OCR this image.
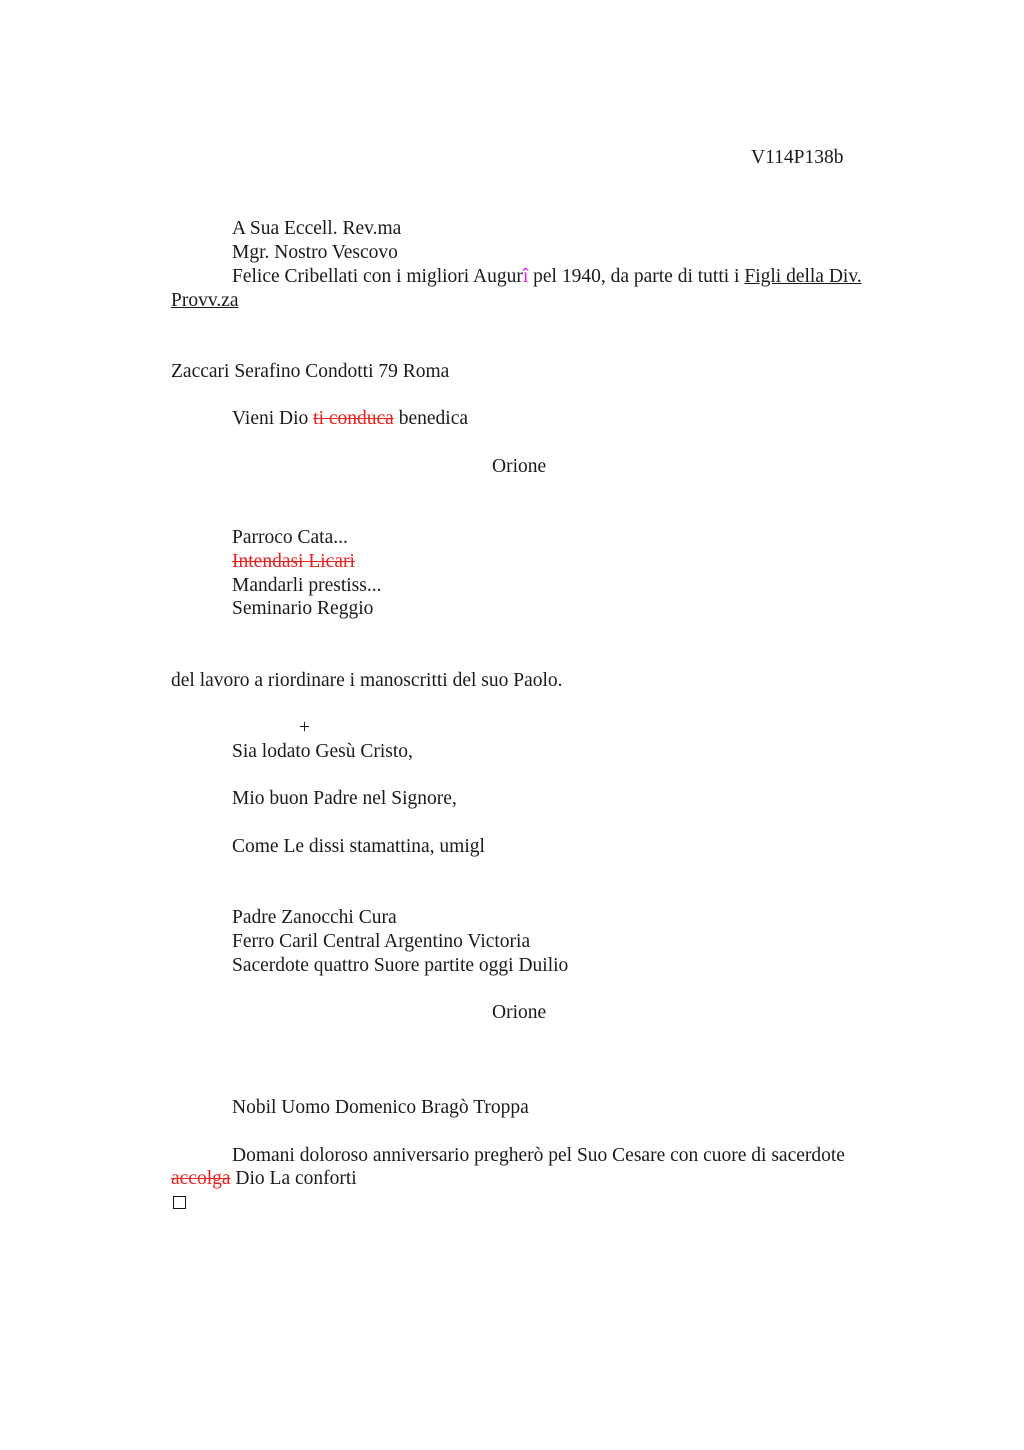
V114P138b
A Sua Eccell. Rev.ma
Mgr. Nostro Vescovo
Felice Cribellati con i migliori Augurî pel 1940, da parte di tutti i Figli della Div.
Provv.za
Zaccari Serafino Condotti 79 Roma
Vieni Dio ti conduca benedica
Orione
Parroco Cata...
Intendasi Licari
Mandarli prestiss...
Seminario Reggio
del lavoro a riordinare i manoscritti del suo Paolo.
+
Sia lodato Gesù Cristo,
Mio buon Padre nel Signore,
Come Le dissi stamattina, umigl
Padre Zanocchi Cura
Ferro Caril Central Argentino Victoria
Sacerdote quattro Suore partite oggi Duilio
Orione
Nobil Uomo Domenico Bragò Troppa
Domani doloroso anniversario pregherò pel Suo Cesare con cuore di sacerdote
accolga Dio La conforti
